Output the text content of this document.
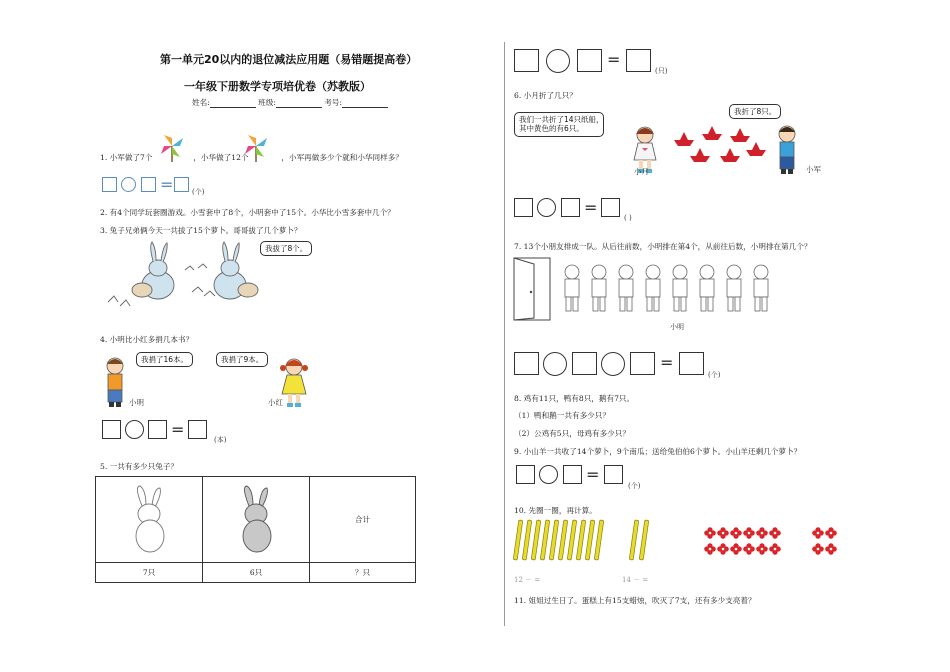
第一单元20以内的退位减法应用题（易错题提高卷）
一年级下册数学专项培优卷（苏教版）
姓名:	班级:	考号:
1. 小军做了7个	，小华做了12个	，小军再做多少个就和小华同样多？
=	(个)
2. 有4个同学玩套圈游戏。小雪套中了8个，小明套中了15个。小华比小雪多套中几个？
3. 兔子兄弟俩今天一共拔了15个萝卜。哥哥拔了几个萝卜？
我拔了8个。
4. 小明比小红多捐几本书？
我捐了16本。	我捐了9本。
小明	小红
=
(本)
5. 一共有多少只兔子？
		合计
7只	6只	？只
=
(只)
6. 小月折了几只？
我们一共折了14只纸船，
其中黄色的有6只。
我折了8只。
小月	小军
=
( )
7. 13个小朋友排成一队。从后往前数，小明排在第4个，从前往后数，小明排在第几个？
小明
=
(个)
8. 鸡有11只，鸭有8只，鹅有7只。
（1）鸭和鹅一共有多少只？
（2）公鸡有5只，母鸡有多少只？
9. 小山羊一共收了14个萝卜，9个南瓜；送给兔伯伯6个萝卜。小山羊还剩几个萝卜？
=
(个)
10. 先圈一圈，再计算。
12 － =	14 － =
11. 姐姐过生日了。蛋糕上有15支蜡烛，吹灭了7支，还有多少支亮着？
